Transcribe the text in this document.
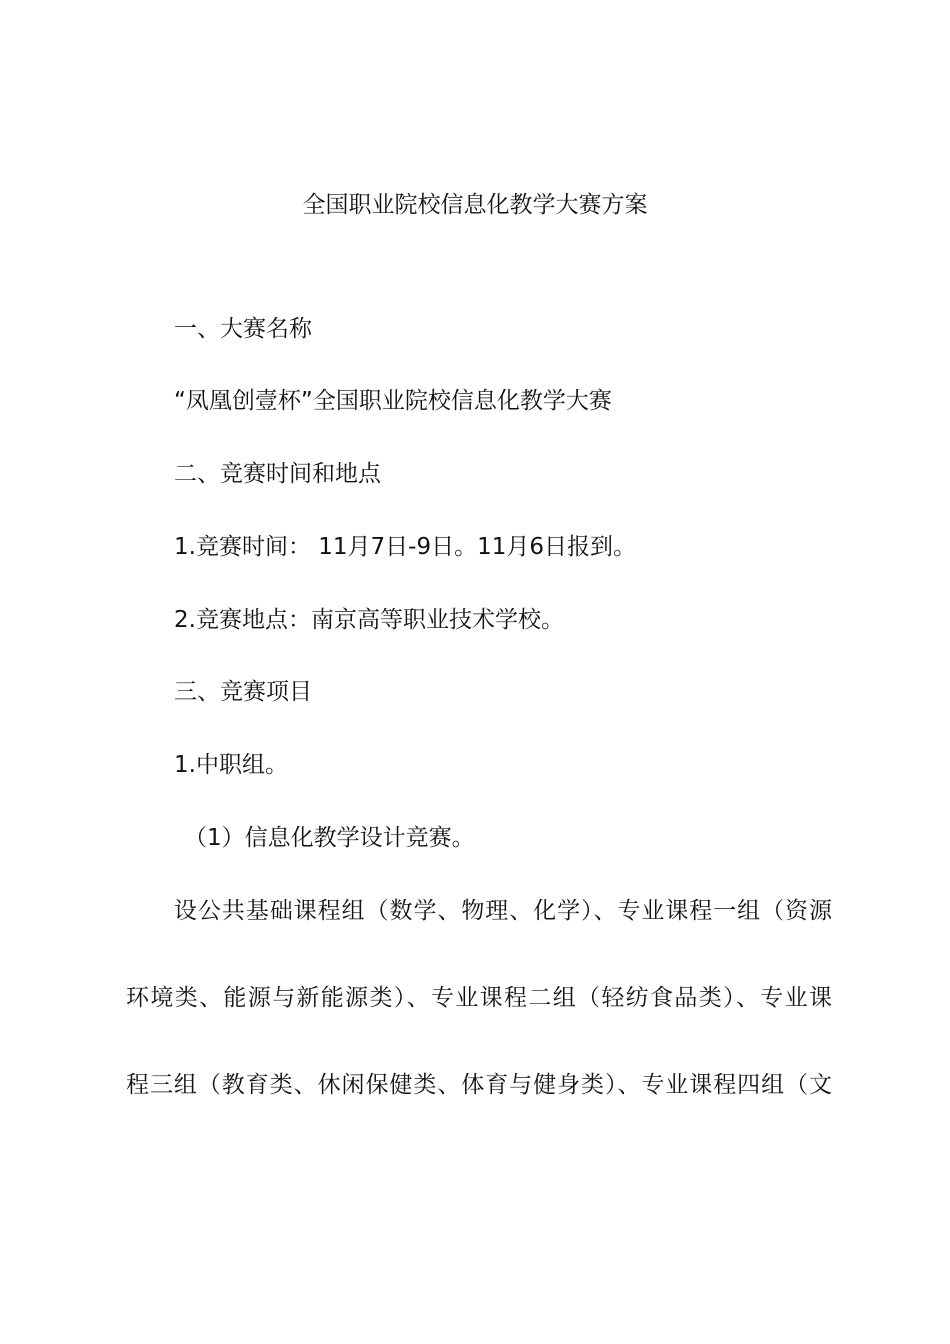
全国职业院校信息化教学大赛方案
一、大赛名称
“凤凰创壹杯”全国职业院校信息化教学大赛
二、竞赛时间和地点
1.竞赛时间： 11月7日-9日。11月6日报到。
2.竞赛地点：南京高等职业技术学校。
三、竞赛项目
1.中职组。
（1）信息化教学设计竞赛。
设公共基础课程组（数学、物理、化学）、专业课程一组（资源
环境类、能源与新能源类）、专业课程二组（轻纺食品类）、专业课
程三组（教育类、休闲保健类、体育与健身类）、专业课程四组（文
